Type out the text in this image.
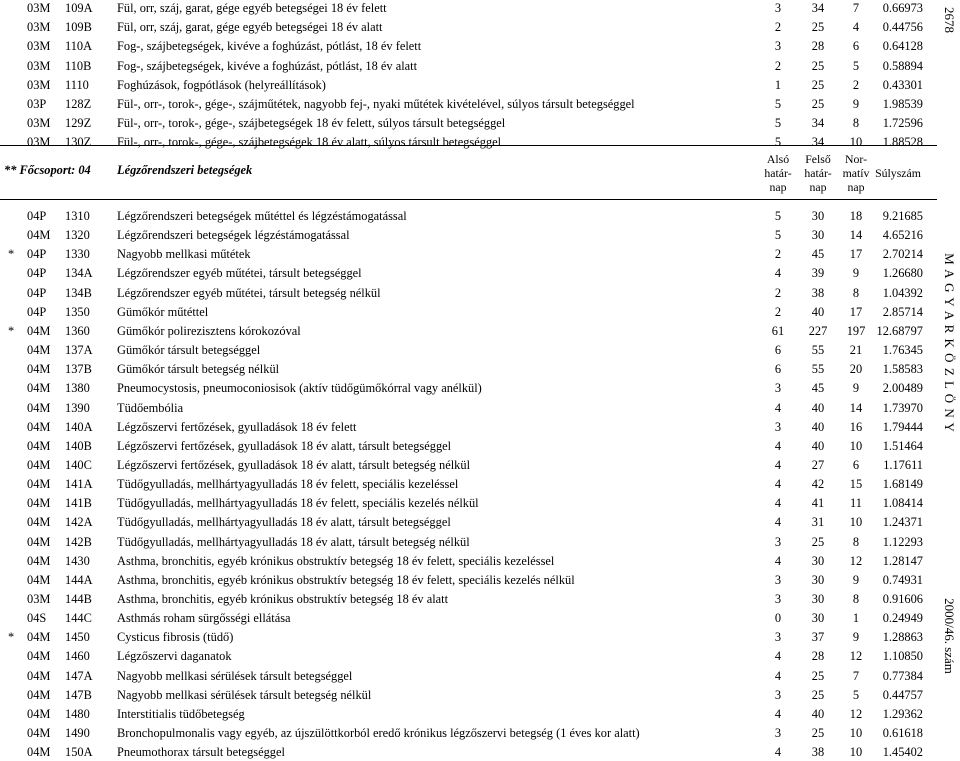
03M 109A Fül, orr, száj, garat, gége egyéb betegségei 18 év felett	3	34	7	0.66973
03M 109B Fül, orr, száj, garat, gége egyéb betegségei 18 év alatt	2	25	4	0.44756
03M 110A Fog-, szájbetegségek, kivéve a foghúzást, pótlást, 18 év felett	3	28	6	0.64128
03M 110B Fog-, szájbetegségek, kivéve a foghúzást, pótlást, 18 év alatt	2	25	5	0.58894
03M 1110 Foghúzások, fogpótlások (helyreállítások)	1	25	2	0.43301
03P 128Z Fül-, orr-, torok-, gége-, szájműtétek, nagyobb fej-, nyaki műtétek kivételével, súlyos társult betegséggel	5	25	9	1.98539
03M 129Z Fül-, orr-, torok-, gége-, szájbetegségek 18 év felett, súlyos társult betegséggel	5	34	8	1.72596
03M 130Z Fül-, orr-, torok-, gége-, szájbetegségek 18 év alatt, súlyos társult betegséggel	5	34	10	1.88528
** Főcsoport: 04 Légzőrendszeri betegségek
Alsó
határ-
nap
Felső
határ-
nap
Nor-
matív
nap
Súlyszám
04P 1310 Légzőrendszeri betegségek műtéttel és légzéstámogatással	5	30	18	9.21685
04M 1320 Légzőrendszeri betegségek légzéstámogatással	5	30	14	4.65216
* 04P 1330 Nagyobb mellkasi műtétek	2	45	17	2.70214
04P 134A Légzőrendszer egyéb műtétei, társult betegséggel	4	39	9	1.26680
04P 134B Légzőrendszer egyéb műtétei, társult betegség nélkül	2	38	8	1.04392
04P 1350 Gümőkór műtéttel	2	40	17	2.85714
* 04M 1360 Gümőkór polirezisztens kórokozóval	61	227	197 12.68797
04M 137A Gümőkór társult betegséggel	6	55	21	1.76345
04M 137B Gümőkór társult betegség nélkül	6	55	20	1.58583
04M 1380 Pneumocystosis, pneumoconiosisok (aktív tüdőgümőkórral vagy anélkül)	3	45	9	2.00489
04M 1390 Tüdőembólia	4	40	14	1.73970
04M 140A Légzőszervi fertőzések, gyulladások 18 év felett	3	40	16	1.79444
04M 140B Légzőszervi fertőzések, gyulladások 18 év alatt, társult betegséggel	4	40	10	1.51464
04M 140C Légzőszervi fertőzések, gyulladások 18 év alatt, társult betegség nélkül	4	27	6	1.17611
04M 141A Tüdőgyulladás, mellhártyagyulladás 18 év felett, speciális kezeléssel	4	42	15	1.68149
04M 141B Tüdőgyulladás, mellhártyagyulladás 18 év felett, speciális kezelés nélkül	4	41	11	1.08414
04M 142A Tüdőgyulladás, mellhártyagyulladás 18 év alatt, társult betegséggel	4	31	10	1.24371
04M 142B Tüdőgyulladás, mellhártyagyulladás 18 év alatt, társult betegség nélkül	3	25	8	1.12293
04M 1430 Asthma, bronchitis, egyéb krónikus obstruktív betegség 18 év felett, speciális kezeléssel	4	30	12	1.28147
04M 144A Asthma, bronchitis, egyéb krónikus obstruktív betegség 18 év felett, speciális kezelés nélkül	3	30	9	0.74931
03M 144B Asthma, bronchitis, egyéb krónikus obstruktív betegség 18 év alatt	3	30	8	0.91606
04S 144C Asthmás roham sürgősségi ellátása	0	30	1	0.24949
* 04M 1450 Cysticus fibrosis (tüdő)	3	37	9	1.28863
04M 1460 Légzőszervi daganatok	4	28	12	1.10850
04M 147A Nagyobb mellkasi sérülések társult betegséggel	4	25	7	0.77384
04M 147B Nagyobb mellkasi sérülések társult betegség nélkül	3	25	5	0.44757
04M 1480 Interstitialis tüdőbetegség	4	40	12	1.29362
04M 1490 Bronchopulmonalis vagy egyéb, az újszülöttkorból eredő krónikus légzőszervi betegség (1 éves kor alatt)	3	25	10	0.61618
04M 150A Pneumothorax társult betegséggel	4	38	10	1.45402
2678
M A G Y A R K Ö Z L Ö N Y
2000/46. szám
